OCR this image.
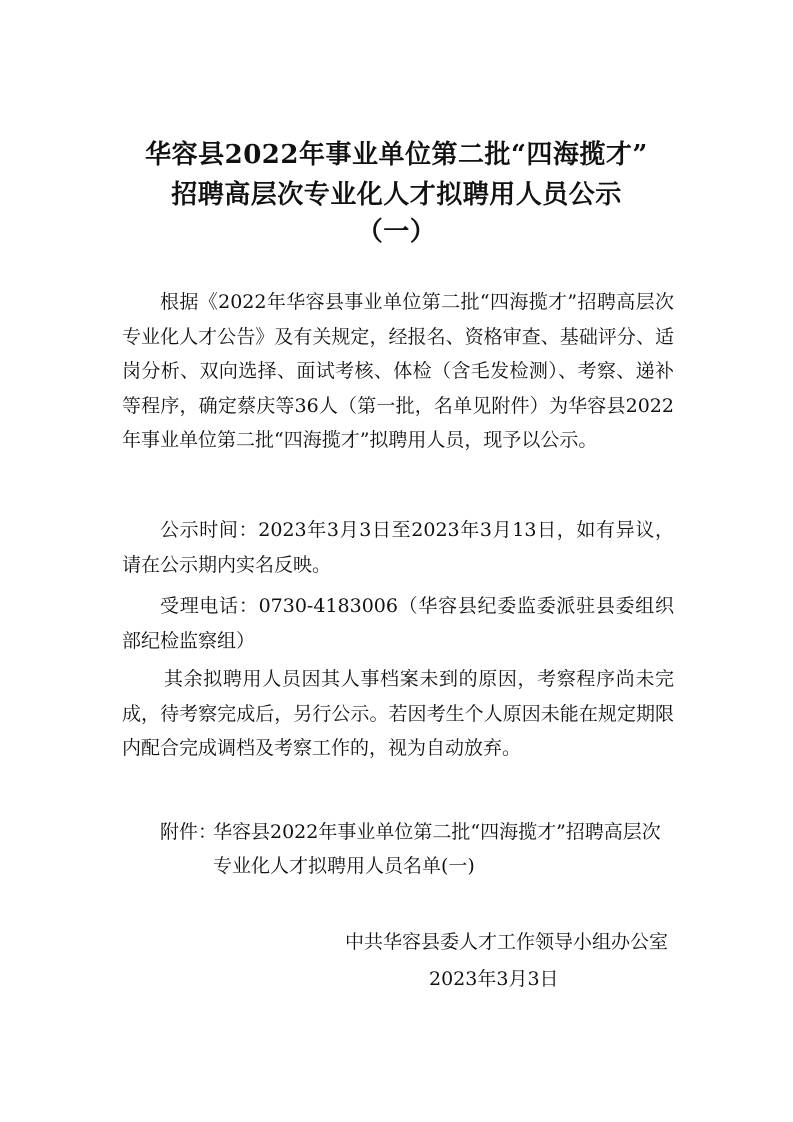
华容县2022年事业单位第二批“四海揽才”
招聘高层次专业化人才拟聘用人员公示
（一）
根据《2022年华容县事业单位第二批“四海揽才”招聘高层次专业化人才公告》及有关规定，经报名、资格审查、基础评分、适岗分析、双向选择、面试考核、体检（含毛发检测）、考察、递补等程序，确定蔡庆等36人（第一批，名单见附件）为华容县2022年事业单位第二批“四海揽才”拟聘用人员，现予以公示。
公示时间：2023年3月3日至2023年3月13日，如有异议，请在公示期内实名反映。
受理电话：0730-4183006（华容县纪委监委派驻县委组织部纪检监察组）
其余拟聘用人员因其人事档案未到的原因，考察程序尚未完成，待考察完成后，另行公示。若因考生个人原因未能在规定期限内配合完成调档及考察工作的，视为自动放弃。
附件：
华容县2022年事业单位第二批“四海揽才”招聘高层次专业化人才拟聘用人员名单(一)
中共华容县委人才工作领导小组办公室
2023年3月3日
